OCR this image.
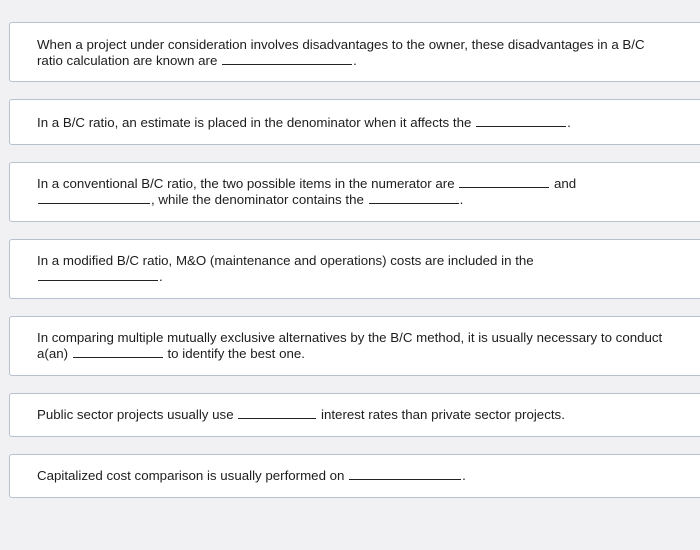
When a project under consideration involves disadvantages to the owner, these disadvantages in a B/C ratio calculation are known are	.
In a B/C ratio, an estimate is placed in the denominator when it affects the	.
In a conventional B/C ratio, the two possible items in the numerator are	and , while the denominator contains the	.
In a modified B/C ratio, M&O (maintenance and operations) costs are included in the
.
In comparing multiple mutually exclusive alternatives by the B/C method, it is usually necessary to conduct a(an)	to identify the best one.
Public sector projects usually use	interest rates than private sector projects.
Capitalized cost comparison is usually performed on	.
